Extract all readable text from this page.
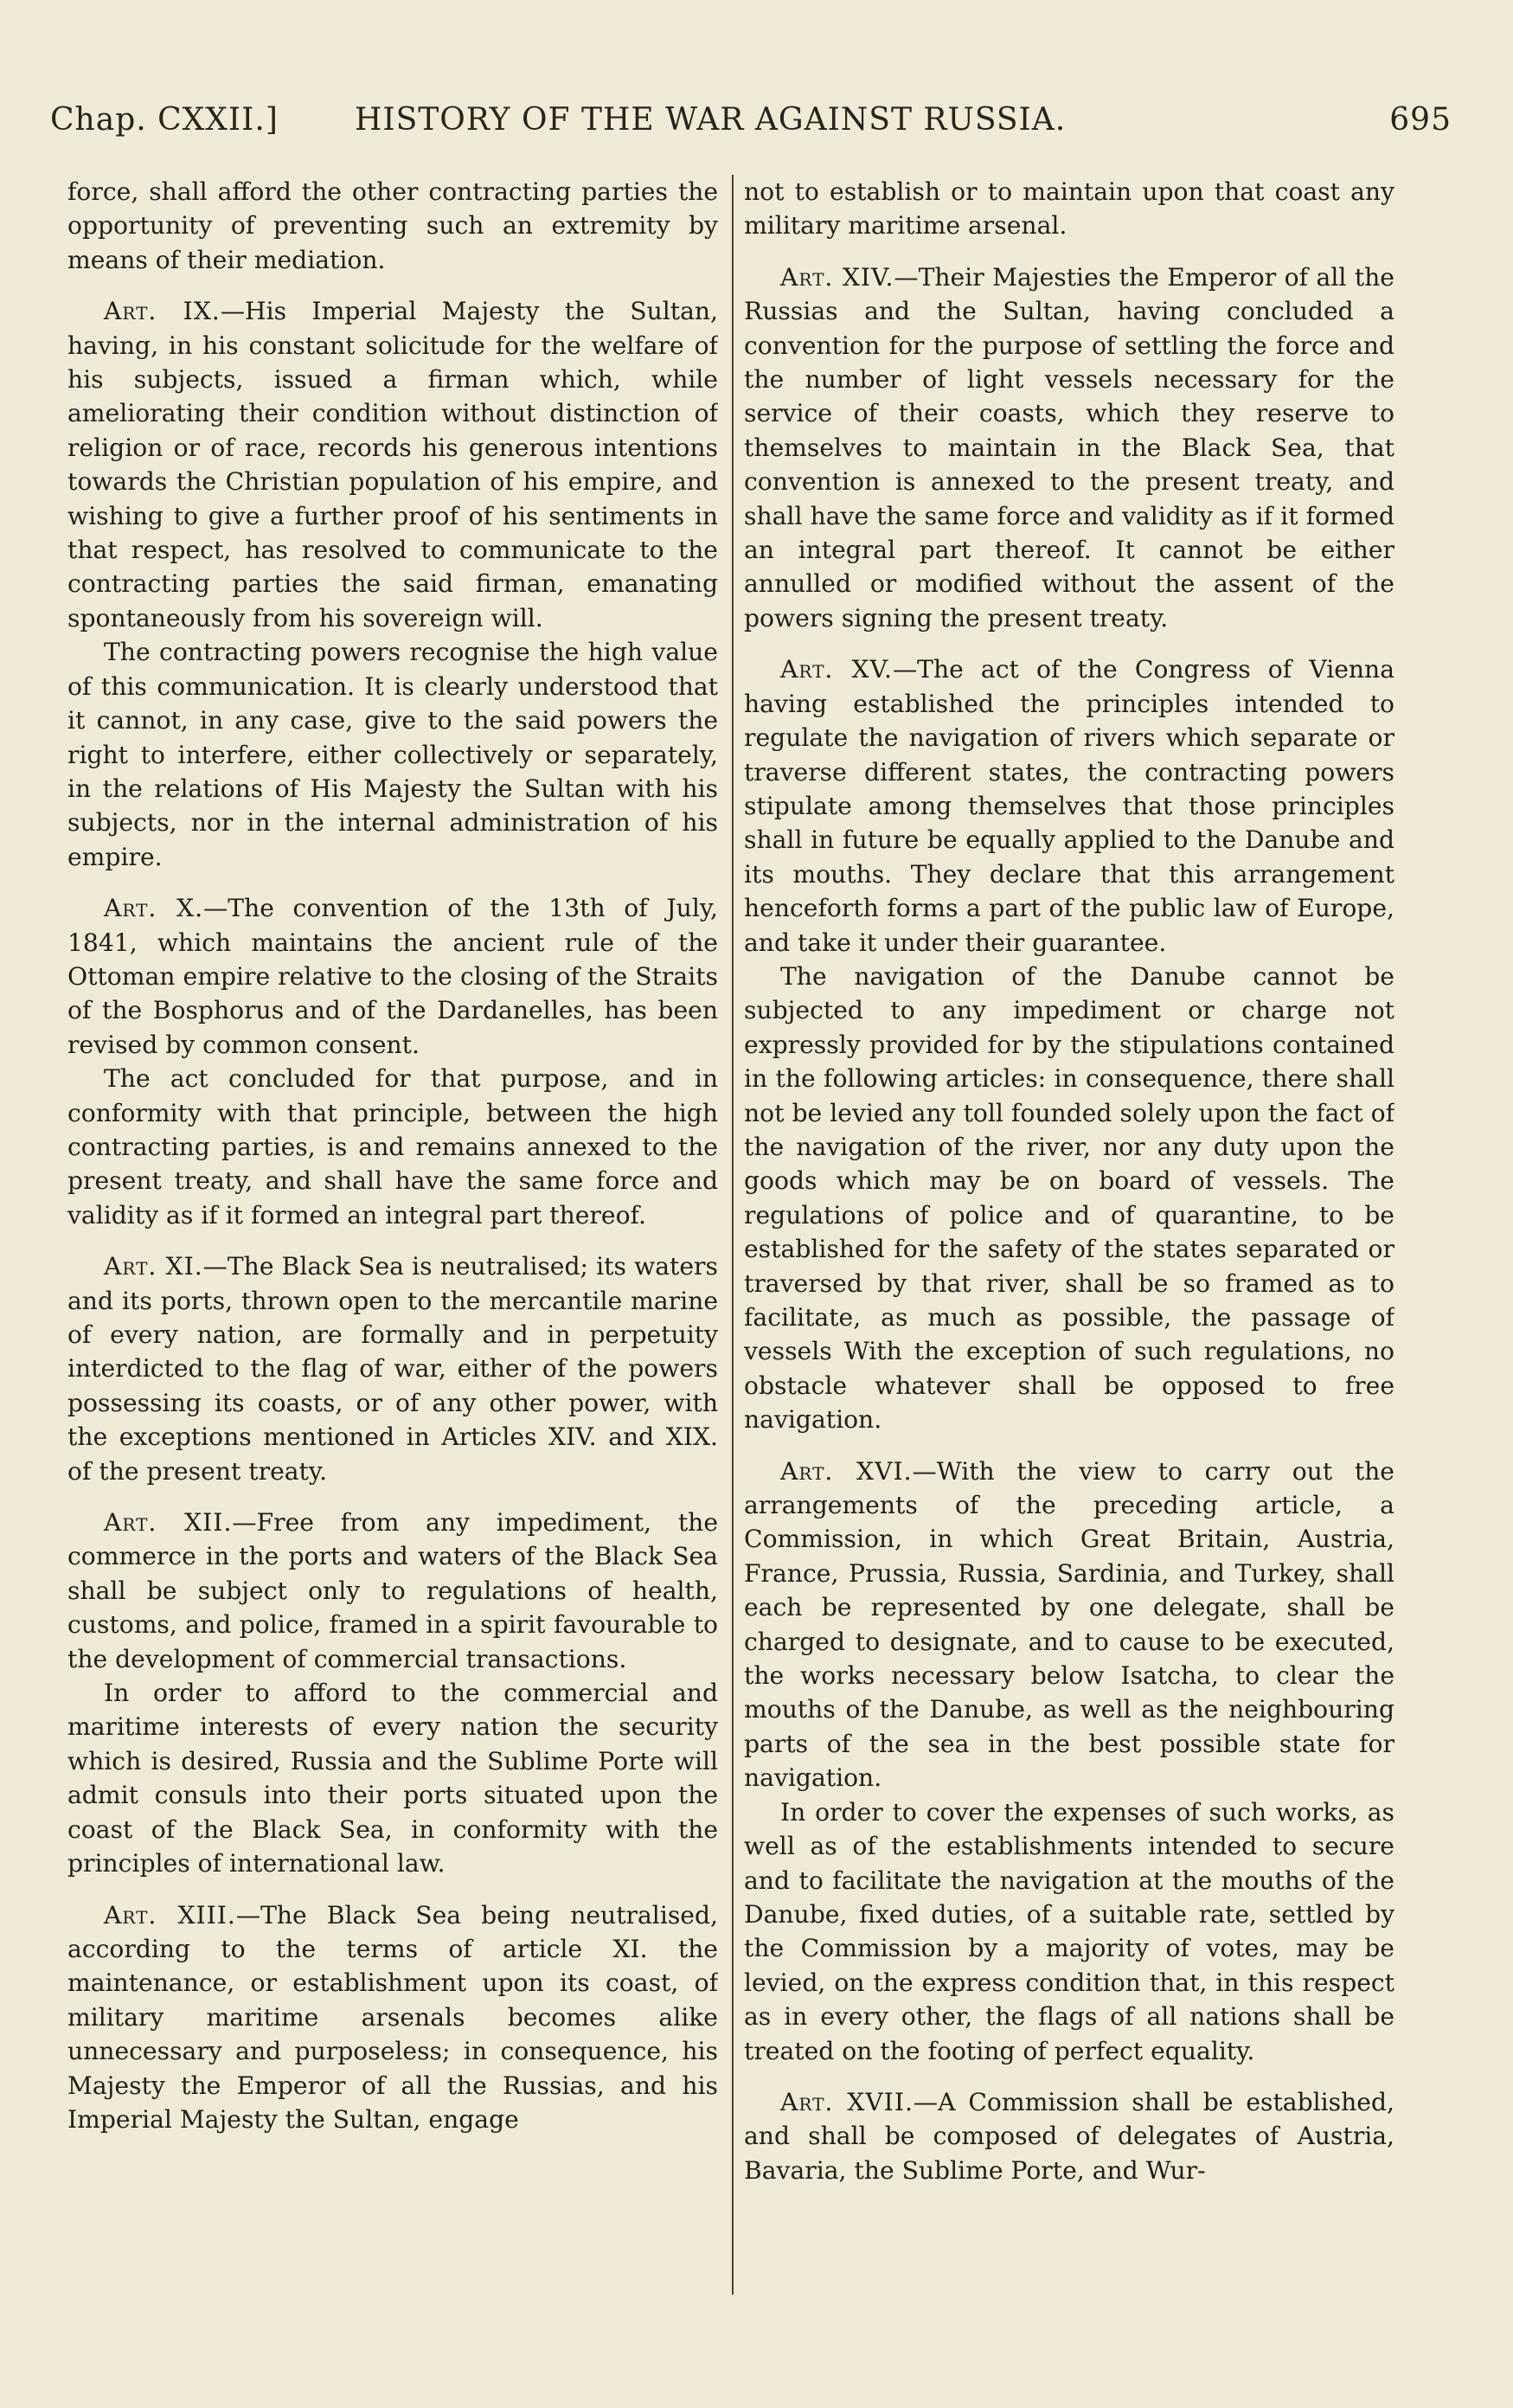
Chap. CXXII.] HISTORY OF THE WAR AGAINST RUSSIA.	695

force, shall afford the other contracting parties the opportunity of preventing such an extremity by means of their mediation.

Art. IX.—His Imperial Majesty the Sultan, having, in his constant solicitude for the welfare of his subjects, issued a firman which, while ameliorating their condition without distinction of religion or of race, records his generous intentions towards the Christian population of his empire, and wishing to give a further proof of his sentiments in that respect, has resolved to communicate to the contracting parties the said firman, emanating spontaneously from his sovereign will.

The contracting powers recognise the high value of this communication. It is clearly understood that it cannot, in any case, give to the said powers the right to interfere, either collectively or separately, in the relations of His Majesty the Sultan with his subjects, nor in the internal administration of his empire.

Art. X.—The convention of the 13th of July, 1841, which maintains the ancient rule of the Ottoman empire relative to the closing of the Straits of the Bosphorus and of the Dardanelles, has been revised by common consent.

The act concluded for that purpose, and in conformity with that principle, between the high contracting parties, is and remains annexed to the present treaty, and shall have the same force and validity as if it formed an integral part thereof.

Art. XI.—The Black Sea is neutralised; its waters and its ports, thrown open to the mercantile marine of every nation, are formally and in perpetuity interdicted to the flag of war, either of the powers possessing its coasts, or of any other power, with the exceptions mentioned in Articles XIV. and XIX. of the present treaty.

Art. XII.—Free from any impediment, the commerce in the ports and waters of the Black Sea shall be subject only to regulations of health, customs, and police, framed in a spirit favourable to the development of commercial transactions.

In order to afford to the commercial and maritime interests of every nation the security which is desired, Russia and the Sublime Porte will admit consuls into their ports situated upon the coast of the Black Sea, in conformity with the principles of international law.

Art. XIII.—The Black Sea being neutralised, according to the terms of article XI. the maintenance, or establishment upon its coast, of military maritime arsenals becomes alike unnecessary and purposeless; in consequence, his Majesty the Emperor of all the Russias, and his Imperial Majesty the Sultan, engage

not to establish or to maintain upon that coast any military maritime arsenal.

Art. XIV.—Their Majesties the Emperor of all the Russias and the Sultan, having concluded a convention for the purpose of settling the force and the number of light vessels necessary for the service of their coasts, which they reserve to themselves to maintain in the Black Sea, that convention is annexed to the present treaty, and shall have the same force and validity as if it formed an integral part thereof. It cannot be either annulled or modified without the assent of the powers signing the present treaty.

Art. XV.—The act of the Congress of Vienna having established the principles intended to regulate the navigation of rivers which separate or traverse different states, the contracting powers stipulate among themselves that those principles shall in future be equally applied to the Danube and its mouths. They declare that this arrangement henceforth forms a part of the public law of Europe, and take it under their guarantee.

The navigation of the Danube cannot be subjected to any impediment or charge not expressly provided for by the stipulations contained in the following articles: in consequence, there shall not be levied any toll founded solely upon the fact of the navigation of the river, nor any duty upon the goods which may be on board of vessels. The regulations of police and of quarantine, to be established for the safety of the states separated or traversed by that river, shall be so framed as to facilitate, as much as possible, the passage of vessels With the exception of such regulations, no obstacle whatever shall be opposed to free navigation.

Art. XVI.—With the view to carry out the arrangements of the preceding article, a Commission, in which Great Britain, Austria, France, Prussia, Russia, Sardinia, and Turkey, shall each be represented by one delegate, shall be charged to designate, and to cause to be executed, the works necessary below Isatcha, to clear the mouths of the Danube, as well as the neighbouring parts of the sea in the best possible state for navigation.

In order to cover the expenses of such works, as well as of the establishments intended to secure and to facilitate the navigation at the mouths of the Danube, fixed duties, of a suitable rate, settled by the Commission by a majority of votes, may be levied, on the express condition that, in this respect as in every other, the flags of all nations shall be treated on the footing of perfect equality.

Art. XVII.—A Commission shall be established, and shall be composed of delegates of Austria, Bavaria, the Sublime Porte, and Wur-
